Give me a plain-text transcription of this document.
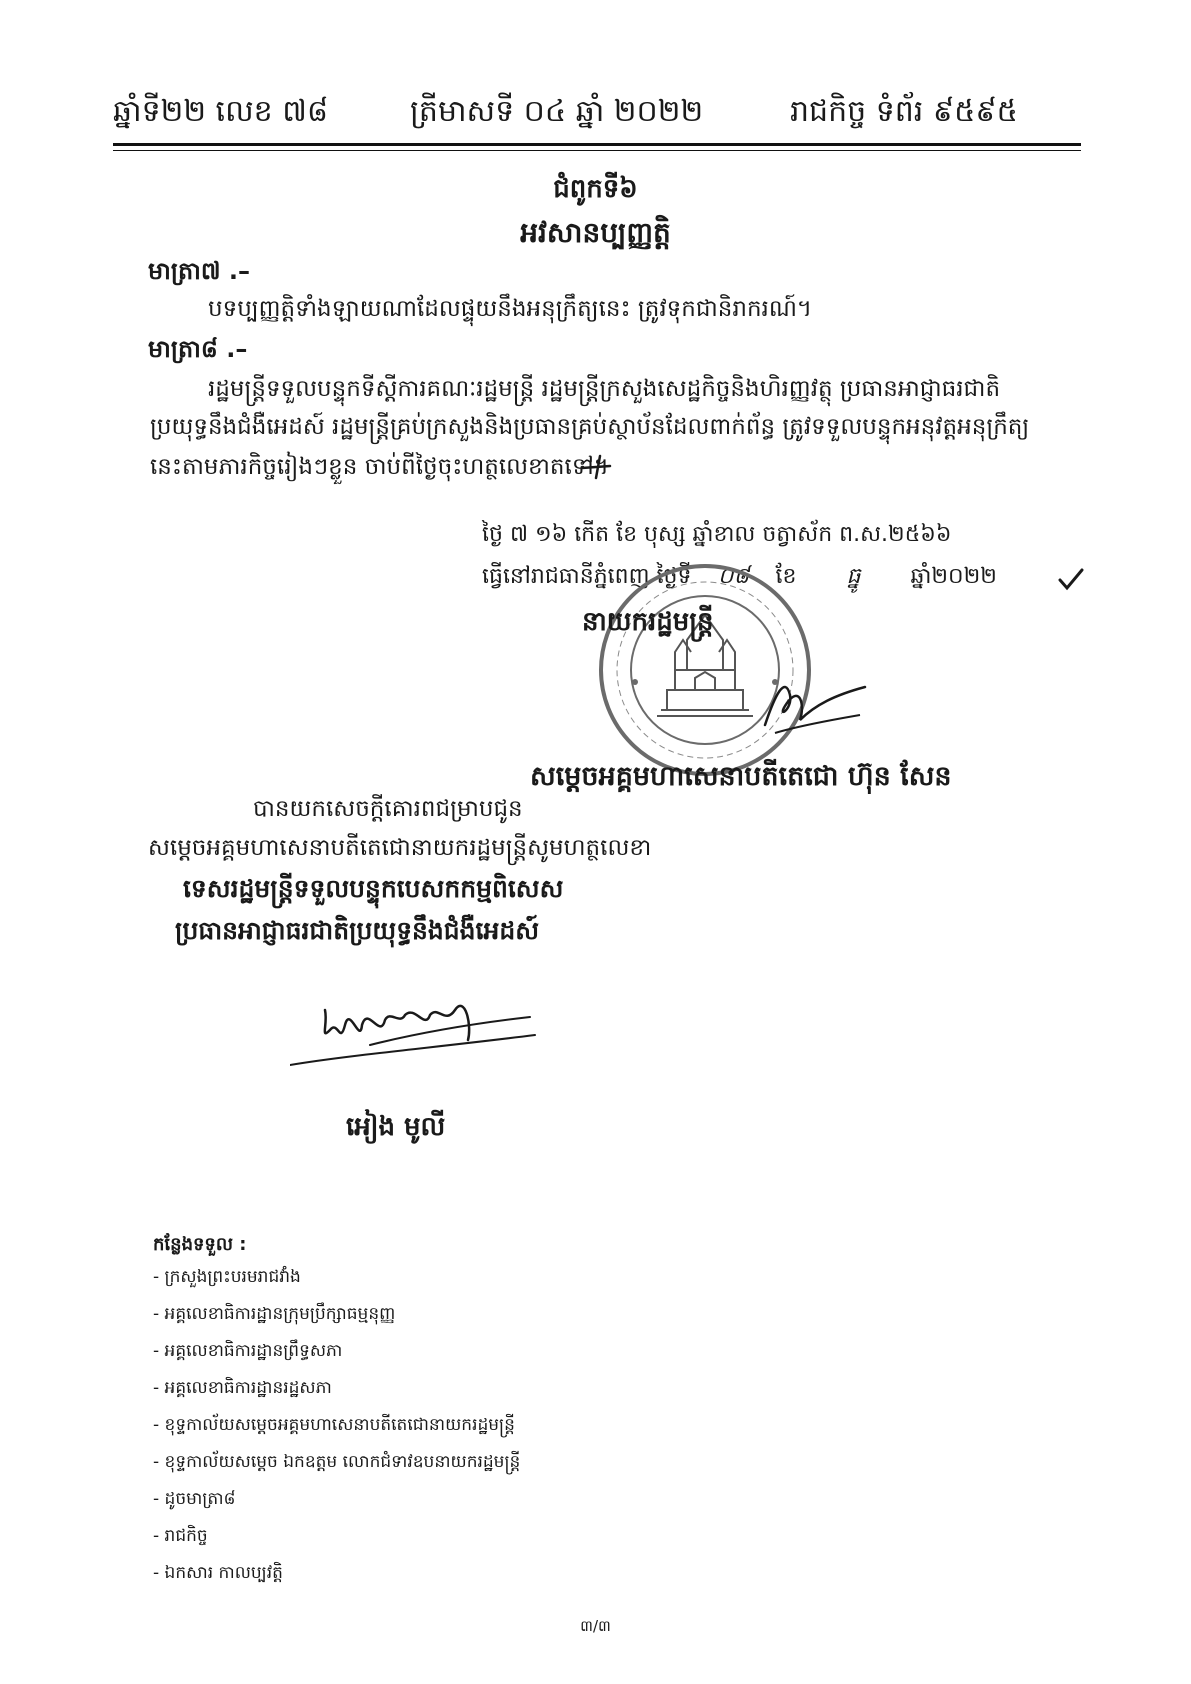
ឆ្នាំទី២២ លេខ ៧៨	ត្រីមាសទី ០៤ ឆ្នាំ ២០២២	រាជកិច្ច ទំព័រ ៩៥៩៥
ជំពូកទី៦
អវសានប្បញ្ញត្តិ
មាត្រា៧ .–
បទប្បញ្ញត្តិទាំងឡាយណាដែលផ្ទុយនឹងអនុក្រឹត្យនេះ ត្រូវទុកជានិរាករណ៍។
មាត្រា៨ .–
រដ្ឋមន្ត្រីទទួលបន្ទុកទីស្តីការគណៈរដ្ឋមន្ត្រី រដ្ឋមន្ត្រីក្រសួងសេដ្ឋកិច្ចនិងហិរញ្ញវត្ថុ ប្រធានអាជ្ញាធរជាតិ
ប្រយុទ្ធនឹងជំងឺអេដស៍ រដ្ឋមន្ត្រីគ្រប់ក្រសួងនិងប្រធានគ្រប់ស្ថាប័នដែលពាក់ព័ន្ធ ត្រូវទទួលបន្ទុកអនុវត្តអនុក្រឹត្យ
នេះតាមភារកិច្ចរៀងៗខ្លួន ចាប់ពីថ្ងៃចុះហត្ថលេខាតទៅ។
ថ្ងៃ ៧ ១៦ កើត ខែ បុស្ស ឆ្នាំខាល ចត្វាស័ក ព.ស.២៥៦៦
ធ្វើនៅរាជធានីភ្នំពេញ ថ្ងៃទី ០៨ ខែ ធ្នូ ឆ្នាំ២០២២
នាយករដ្ឋមន្ត្រី
សម្តេចអគ្គមហាសេនាបតីតេជោ ហ៊ុន សែន
បានយកសេចក្តីគោរពជម្រាបជូន
សម្តេចអគ្គមហាសេនាបតីតេជោនាយករដ្ឋមន្ត្រីសូមហត្ថលេខា
ទេសរដ្ឋមន្ត្រីទទួលបន្ទុកបេសកកម្មពិសេស
ប្រធានអាជ្ញាធរជាតិប្រយុទ្ធនឹងជំងឺអេដស៍
អៀង មូលី
កន្លែងទទួល :
- ក្រសួងព្រះបរមរាជវាំង
- អគ្គលេខាធិការដ្ឋានក្រុមប្រឹក្សាធម្មនុញ្ញ
- អគ្គលេខាធិការដ្ឋានព្រឹទ្ធសភា
- អគ្គលេខាធិការដ្ឋានរដ្ឋសភា
- ខុទ្ទកាល័យសម្តេចអគ្គមហាសេនាបតីតេជោនាយករដ្ឋមន្ត្រី
- ខុទ្ទកាល័យសម្តេច ឯកឧត្តម លោកជំទាវឧបនាយករដ្ឋមន្ត្រី
- ដូចមាត្រា៨
- រាជកិច្ច
- ឯកសារ កាលប្បវត្តិ
៣/៣
